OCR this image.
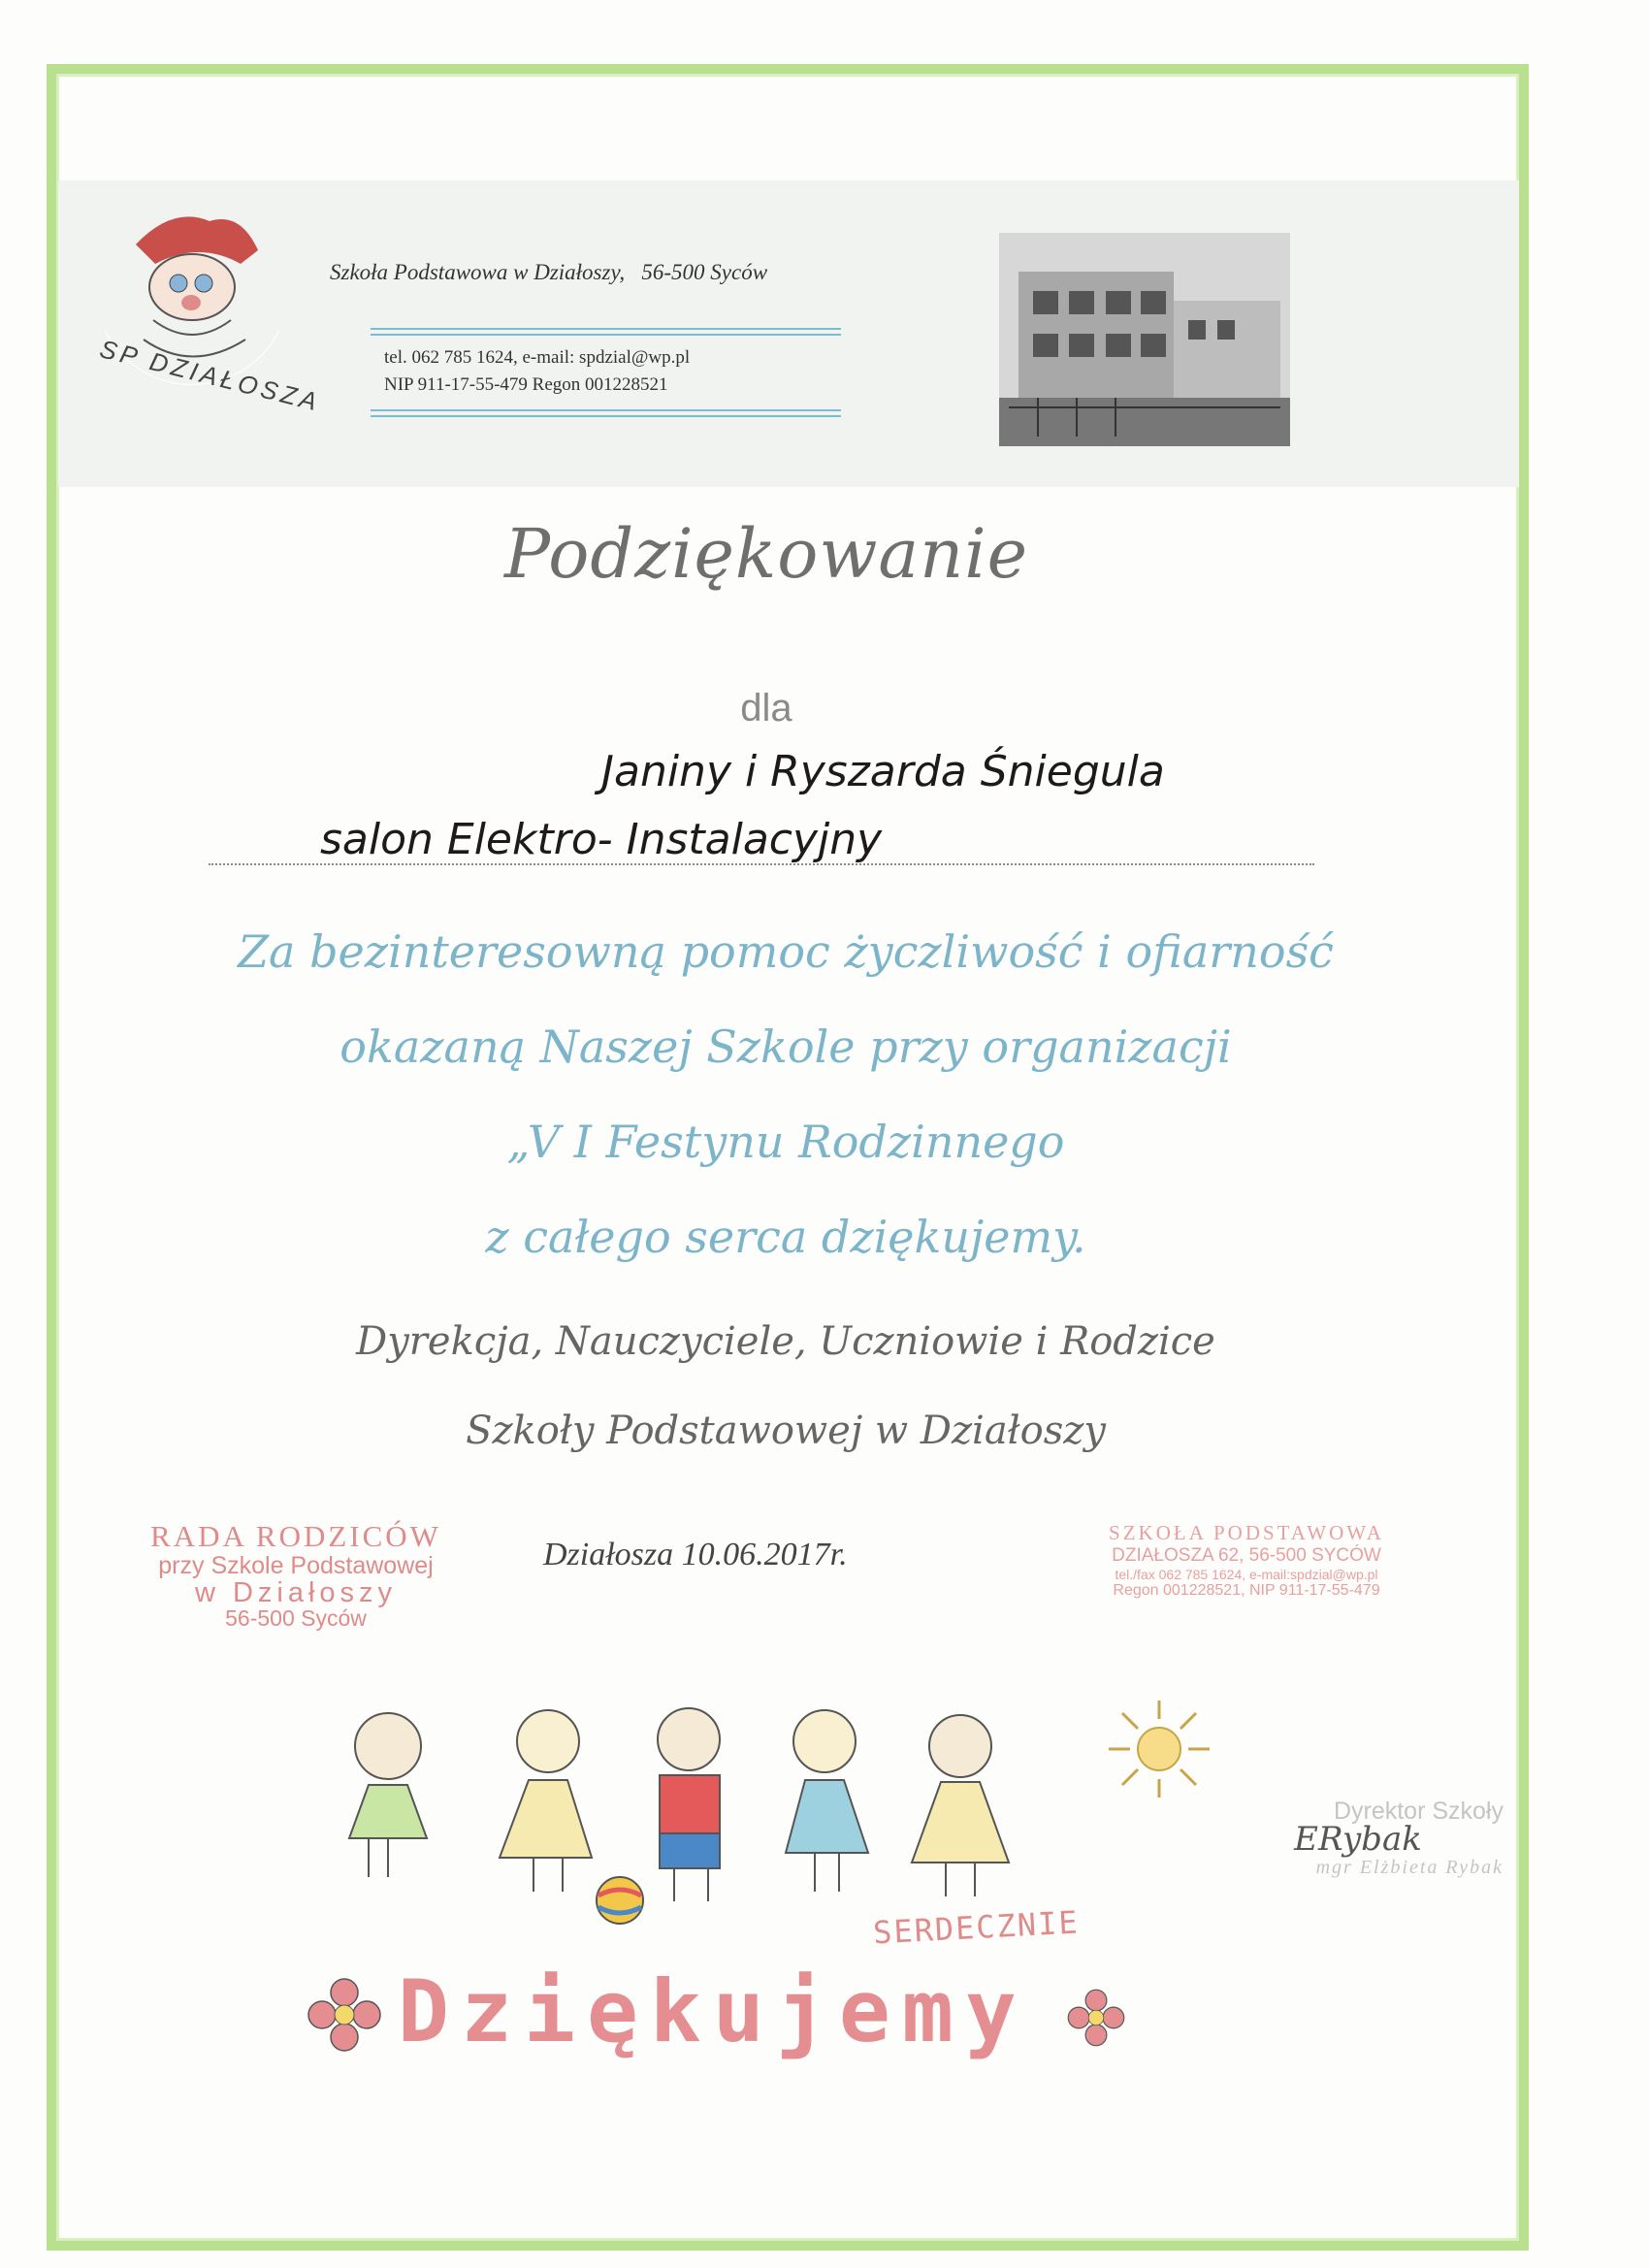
SP DZIAŁOSZA
Szkoła Podstawowa w Działoszy,   56-500 Syców
tel. 062 785 1624, e-mail: spdzial@wp.pl
NIP 911-17-55-479 Regon 001228521
Podziękowanie
dla
Janiny i Ryszarda Śniegula
salon Elektro- Instalacyjny
Za bezinteresowną pomoc życzliwość i ofiarność
okazaną Naszej Szkole przy organizacji
„V I Festynu Rodzinnego
z całego serca dziękujemy.
Dyrekcja, Nauczyciele, Uczniowie i Rodzice
Szkoły Podstawowej w Działoszy
RADA RODZICÓW
przy Szkole Podstawowej
w Działoszy
56-500 Syców
Działosza 10.06.2017r.
SZKOŁA PODSTAWOWA
DZIAŁOSZA 62, 56-500 SYCÓW
tel./fax 062 785 1624, e-mail:spdzial@wp.pl
Regon 001228521, NIP 911-17-55-479
Dyrektor Szkoły
ERybak
mgr Elżbieta Rybak
SERDECZNIE
Dziękujemy
